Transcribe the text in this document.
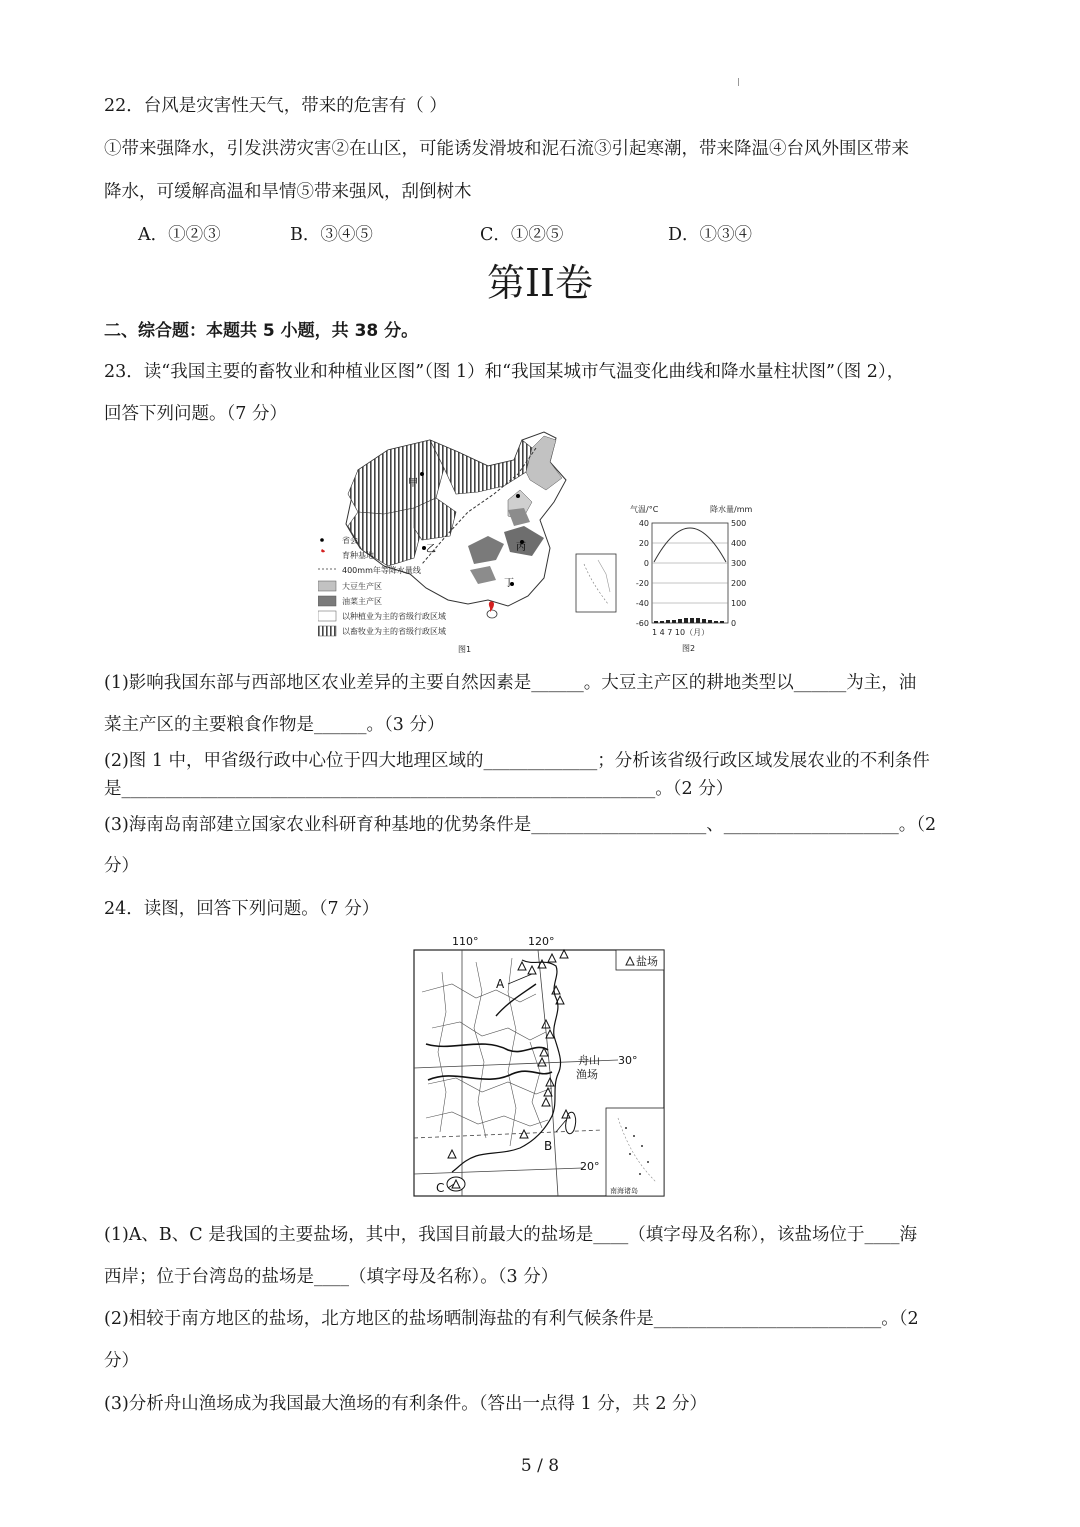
22．台风是灾害性天气，带来的危害有（ ）
①带来强降水，引发洪涝灾害②在山区，可能诱发滑坡和泥石流③引起寒潮，带来降温④台风外围区带来
降水，可缓解高温和旱情⑤带来强风，刮倒树木
A．①②③	B．③④⑤	C．①②⑤	D．①③④
第II卷
二、综合题：本题共 5 小题，共 38 分。
23．读“我国主要的畜牧业和种植业区图”（图 1）和“我国某城市气温变化曲线和降水量柱状图”（图 2），
回答下列问题。（7 分）
甲
乙	丙
丁
省会
育种基地
400mm年等降水量线
大豆生产区
油菜主产区
以种植业为主的省级行政区域
以畜牧业为主的省级行政区域
图1
气温/°C	降水量/mm
40
20
0
-20
-40
-60
500
400
300
200
100
0
1 4 7 10（月）
图2
(1)影响我国东部与西部地区农业差异的主要自然因素是______。大豆主产区的耕地类型以______为主，油
菜主产区的主要粮食作物是______。（3 分）
(2)图 1 中，甲省级行政中心位于四大地理区域的_____________；分析该省级行政区域发展农业的不利条件
是_____________________________________________________________。（2 分）
(3)海南岛南部建立国家农业科研育种基地的优势条件是____________________、____________________。（2
分）
24．读图，回答下列问题。（7 分）
110°	120°
盐场
A
B
C
舟山
渔场
30°
20°
南海诸岛
(1)A、B、C 是我国的主要盐场，其中，我国目前最大的盐场是____（填字母及名称），该盐场位于____海
西岸；位于台湾岛的盐场是____（填字母及名称）。（3 分）
(2)相较于南方地区的盐场，北方地区的盐场晒制海盐的有利气候条件是__________________________。（2
分）
(3)分析舟山渔场成为我国最大渔场的有利条件。（答出一点得 1 分，共 2 分）
5 / 8
